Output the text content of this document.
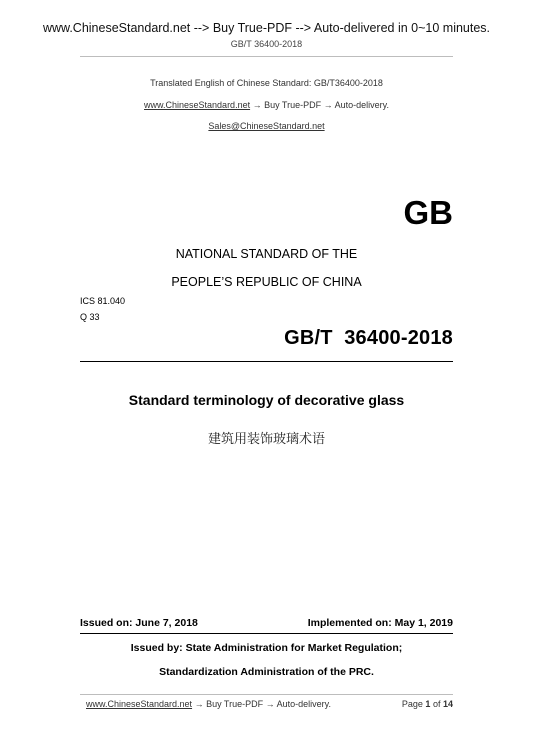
www.ChineseStandard.net --> Buy True-PDF --> Auto-delivered in 0~10 minutes.
GB/T 36400-2018
Translated English of Chinese Standard: GB/T36400-2018
www.ChineseStandard.net → Buy True-PDF → Auto-delivery.
Sales@ChineseStandard.net
GB
NATIONAL STANDARD OF THE
PEOPLE’S REPUBLIC OF CHINA
ICS 81.040
Q 33
GB/T  36400-2018
Standard terminology of decorative glass
建筑用装饰玻璃术语
Issued on: June 7, 2018	Implemented on: May 1, 2019
Issued by: State Administration for Market Regulation;
Standardization Administration of the PRC.
www.ChineseStandard.net → Buy True-PDF → Auto-delivery.	Page 1 of 14
